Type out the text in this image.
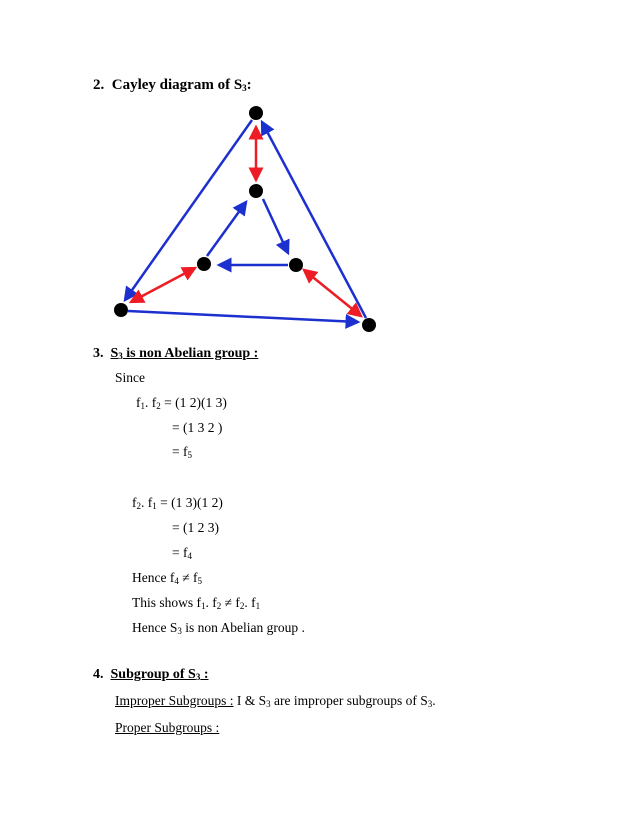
2. Cayley diagram of $S_3$:
3. $S_3$ is non Abelian group :
Since
$f_1$. $f_2 = (1$ 2)(1 3)
= (1 3 2 )
= $f_5$
$f_2$. $f_1 = (1$ 3)(1 2)
= (1 2 3)
= $f_4$
Hence $f_4 \ne f_5$
This shows $f_1$. $f_2 \ne f_2$. $f_1$
Hence $S_3$ is non Abelian group .
4. Subgroup of $S_3$ :
Improper Subgroups : I & $S_3$ are improper subgroups of $S_3$.
Proper Subgroups :
